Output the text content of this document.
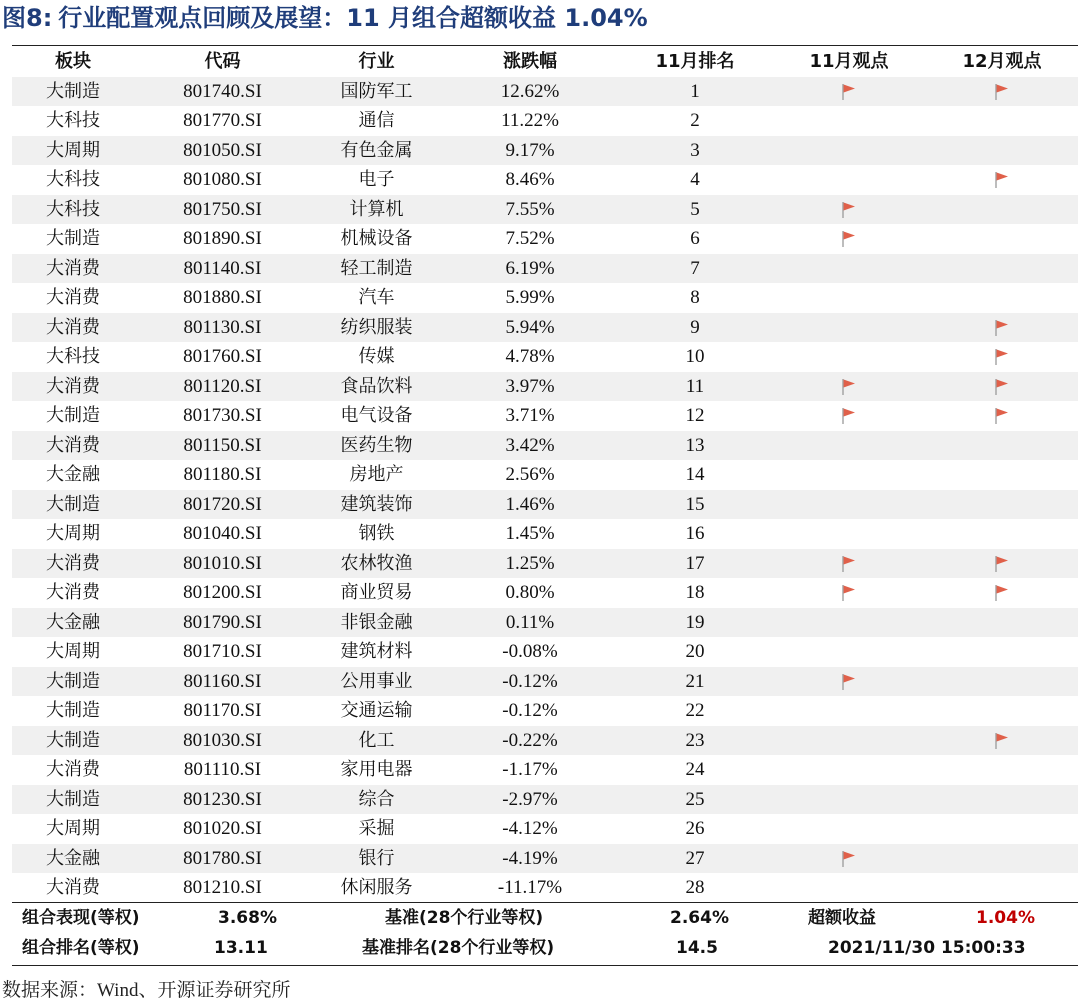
图8: 行业配置观点回顾及展望：11 月组合超额收益 1.04%
板块	代码	行业	涨跌幅	11月排名	11月观点	12月观点
大制造	801740.SI	国防军工	12.62%	1
大科技	801770.SI	通信	11.22%	2
大周期	801050.SI	有色金属	9.17%	3
大科技	801080.SI	电子	8.46%	4
大科技	801750.SI	计算机	7.55%	5
大制造	801890.SI	机械设备	7.52%	6
大消费	801140.SI	轻工制造	6.19%	7
大消费	801880.SI	汽车	5.99%	8
大消费	801130.SI	纺织服装	5.94%	9
大科技	801760.SI	传媒	4.78%	10
大消费	801120.SI	食品饮料	3.97%	11
大制造	801730.SI	电气设备	3.71%	12
大消费	801150.SI	医药生物	3.42%	13
大金融	801180.SI	房地产	2.56%	14
大制造	801720.SI	建筑装饰	1.46%	15
大周期	801040.SI	钢铁	1.45%	16
大消费	801010.SI	农林牧渔	1.25%	17
大消费	801200.SI	商业贸易	0.80%	18
大金融	801790.SI	非银金融	0.11%	19
大周期	801710.SI	建筑材料	-0.08%	20
大制造	801160.SI	公用事业	-0.12%	21
大制造	801170.SI	交通运输	-0.12%	22
大制造	801030.SI	化工	-0.22%	23
大消费	801110.SI	家用电器	-1.17%	24
大制造	801230.SI	综合	-2.97%	25
大周期	801020.SI	采掘	-4.12%	26
大金融	801780.SI	银行	-4.19%	27
大消费	801210.SI	休闲服务	-11.17%	28
组合表现(等权)	3.68%	基准(28个行业等权)	2.64%	超额收益	1.04%
组合排名(等权)	13.11	基准排名(28个行业等权)	14.5	2021/11/30 15:00:33
数据来源：Wind、开源证券研究所
